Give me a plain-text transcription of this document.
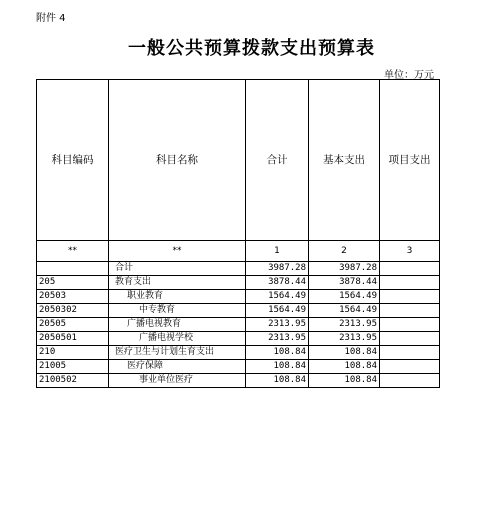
附件 4
一般公共预算拨款支出预算表
单位：万元
科目编码	科目名称	合计	基本支出	项目支出
**	**	1	2	3
	合计	3987.28	3987.28	
205	教育支出	3878.44	3878.44	
20503	职业教育	1564.49	1564.49	
2050302	中专教育	1564.49	1564.49	
20505	广播电视教育	2313.95	2313.95	
2050501	广播电视学校	2313.95	2313.95	
210	医疗卫生与计划生育支出	108.84	108.84	
21005	医疗保障	108.84	108.84	
2100502	事业单位医疗	108.84	108.84	
